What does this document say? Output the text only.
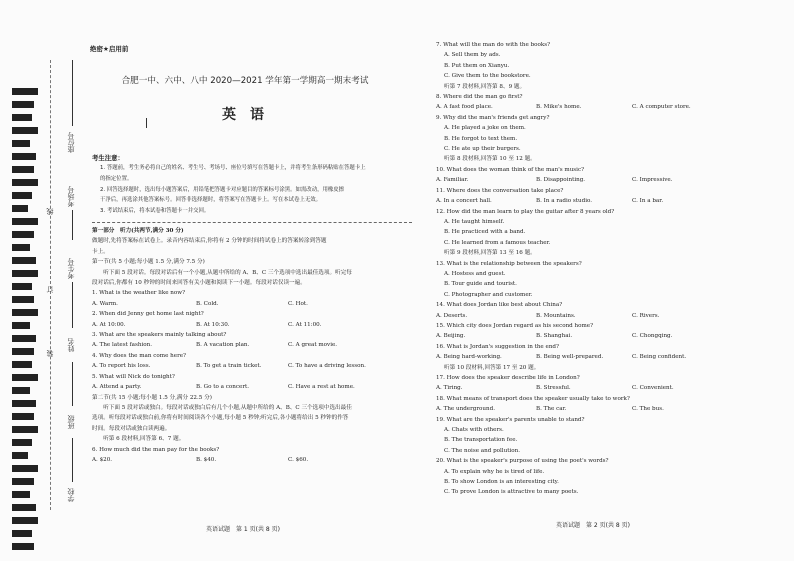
座位号
考场号
考生号
姓名
班级
学校
线
订
装
绝密★启用前
合肥一中、六中、八中 2020—2021 学年第一学期高一期末考试
英语
考生注意：
1. 答题前，考生务必将自己的姓名、考生号、考场号、座位号填写在答题卡上，并将考生条形码粘贴在答题卡上
的指定位置。
2. 回答选择题时，选出每小题答案后，用铅笔把答题卡对应题目的答案标号涂黑。如需改动，用橡皮擦
干净后，再选涂其他答案标号。回答非选择题时，将答案写在答题卡上。写在本试卷上无效。
3. 考试结束后，将本试卷和答题卡一并交回。
第一部分　听力(共两节,满分 30 分)
做题时,先将答案标在试卷上。录音内容结束后,你将有 2 分钟的时间将试卷上的答案转涂到答题
卡上。
第一节(共 5 小题;每小题 1.5 分,满分 7.5 分)
　　听下面 5 段对话。每段对话后有一个小题,从题中所给的 A、B、C 三个选项中选出最佳选项。听完每
段对话后,你都有 10 秒钟的时间来回答有关小题和阅读下一小题。每段对话仅读一遍。
1. What is the weather like now?
A. Warm.	B. Cold.	C. Hot.
2. When did Jenny get home last night?
A. At 10:00.	B. At 10:30.	C. At 11:00.
3. What are the speakers mainly talking about?
A. The latest fashion.	B. A vacation plan.	C. A great movie.
4. Why does the man come here?
A. To report his loss.	B. To get a train ticket.	C. To have a driving lesson.
5. What will Nick do tonight?
A. Attend a party.	B. Go to a concert.	C. Have a rest at home.
第二节(共 15 小题;每小题 1.5 分,满分 22.5 分)
　　听下面 5 段对话或独白。每段对话或独白后有几个小题,从题中所给的 A、B、C 三个选项中选出最佳
选项。听每段对话或独白前,你将有时间阅读各个小题,每小题 5 秒钟;听完后,各小题将给出 5 秒钟的作答
时间。每段对话或独白读两遍。
　　听第 6 段材料,回答第 6、7 题。
6. How much did the man pay for the books?
A. $20.	B. $40.	C. $60.
7. What will the man do with the books?
A. Sell them by ads.
B. Put them on Xianyu.
C. Give them to the bookstore.
听第 7 段材料,回答第 8、9 题。
8. Where did the man go first?
A. A fast food place.	B. Mike's home.	C. A computer store.
9. Why did the man's friends get angry?
A. He played a joke on them.
B. He forgot to text them.
C. He ate up their burgers.
听第 8 段材料,回答第 10 至 12 题。
10. What does the woman think of the man's music?
A. Familiar.	B. Disappointing.	C. Impressive.
11. Where does the conversation take place?
A. In a concert hall.	B. In a radio studio.	C. In a bar.
12. How did the man learn to play the guitar after 8 years old?
A. He taught himself.
B. He practiced with a band.
C. He learned from a famous teacher.
听第 9 段材料,回答第 13 至 16 题。
13. What is the relationship between the speakers?
A. Hostess and guest.
B. Tour guide and tourist.
C. Photographer and customer.
14. What does Jordan like best about China?
A. Deserts.	B. Mountains.	C. Rivers.
15. Which city does Jordan regard as his second home?
A. Beijing.	B. Shanghai.	C. Chongqing.
16. What is Jordan's suggestion in the end?
A. Being hard-working.	B. Being well-prepared.	C. Being confident.
听第 10 段材料,回答第 17 至 20 题。
17. How does the speaker describe life in London?
A. Tiring.	B. Stressful.	C. Convenient.
18. What means of transport does the speaker usually take to work?
A. The underground.	B. The car.	C. The bus.
19. What are the speaker's parents unable to stand?
A. Chats with others.
B. The transportation fee.
C. The noise and pollution.
20. What is the speaker's purpose of using the poet's words?
A. To explain why he is tired of life.
B. To show London is an interesting city.
C. To prove London is attractive to many poets.
英语试题　第 1 页(共 8 页)
英语试题　第 2 页(共 8 页)
